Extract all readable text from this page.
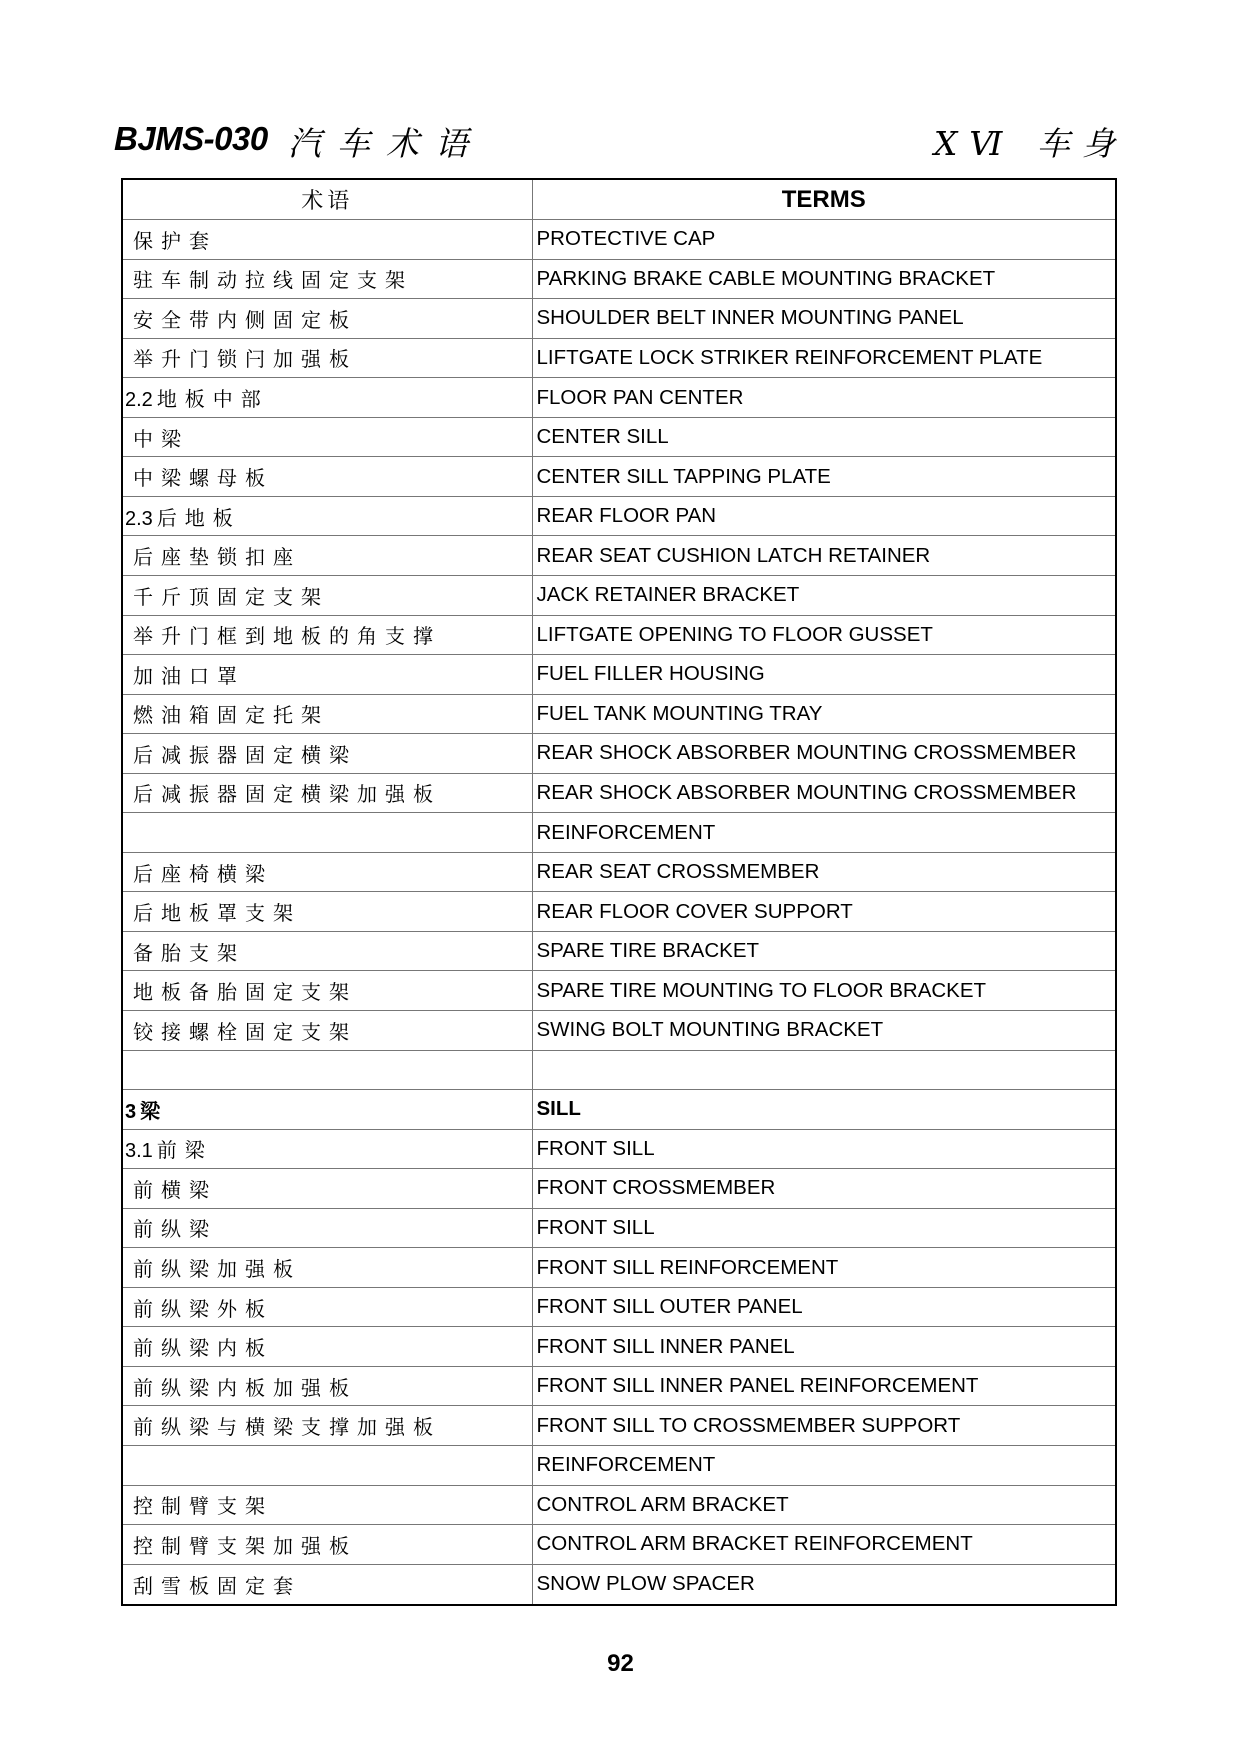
BJMS-030 汽车术语	XⅥ 车身
术语	TERMS
保护套	PROTECTIVE CAP
驻车制动拉线固定支架	PARKING BRAKE CABLE MOUNTING BRACKET
安全带内侧固定板	SHOULDER BELT INNER MOUNTING PANEL
举升门锁闩加强板	LIFTGATE LOCK STRIKER REINFORCEMENT PLATE
2.2 地板中部	FLOOR PAN CENTER
中梁	CENTER SILL
中梁螺母板	CENTER SILL TAPPING PLATE
2.3 后地板	REAR FLOOR PAN
后座垫锁扣座	REAR SEAT CUSHION LATCH RETAINER
千斤顶固定支架	JACK RETAINER BRACKET
举升门框到地板的角支撑	LIFTGATE OPENING TO FLOOR GUSSET
加油口罩	FUEL FILLER HOUSING
燃油箱固定托架	FUEL TANK MOUNTING TRAY
后减振器固定横梁	REAR SHOCK ABSORBER MOUNTING CROSSMEMBER
后减振器固定横梁加强板	REAR SHOCK ABSORBER MOUNTING CROSSMEMBER
	REINFORCEMENT
后座椅横梁	REAR SEAT CROSSMEMBER
后地板罩支架	REAR FLOOR COVER SUPPORT
备胎支架	SPARE TIRE BRACKET
地板备胎固定支架	SPARE TIRE MOUNTING TO FLOOR BRACKET
铰接螺栓固定支架	SWING BOLT MOUNTING BRACKET

3 梁	SILL
3.1 前梁	FRONT SILL
前横梁	FRONT CROSSMEMBER
前纵梁	FRONT SILL
前纵梁加强板	FRONT SILL REINFORCEMENT
前纵梁外板	FRONT SILL OUTER PANEL
前纵梁内板	FRONT SILL INNER PANEL
前纵梁内板加强板	FRONT SILL INNER PANEL REINFORCEMENT
前纵梁与横梁支撑加强板	FRONT SILL TO CROSSMEMBER SUPPORT
	REINFORCEMENT
控制臂支架	CONTROL ARM BRACKET
控制臂支架加强板	CONTROL ARM BRACKET REINFORCEMENT
刮雪板固定套	SNOW PLOW SPACER
92
